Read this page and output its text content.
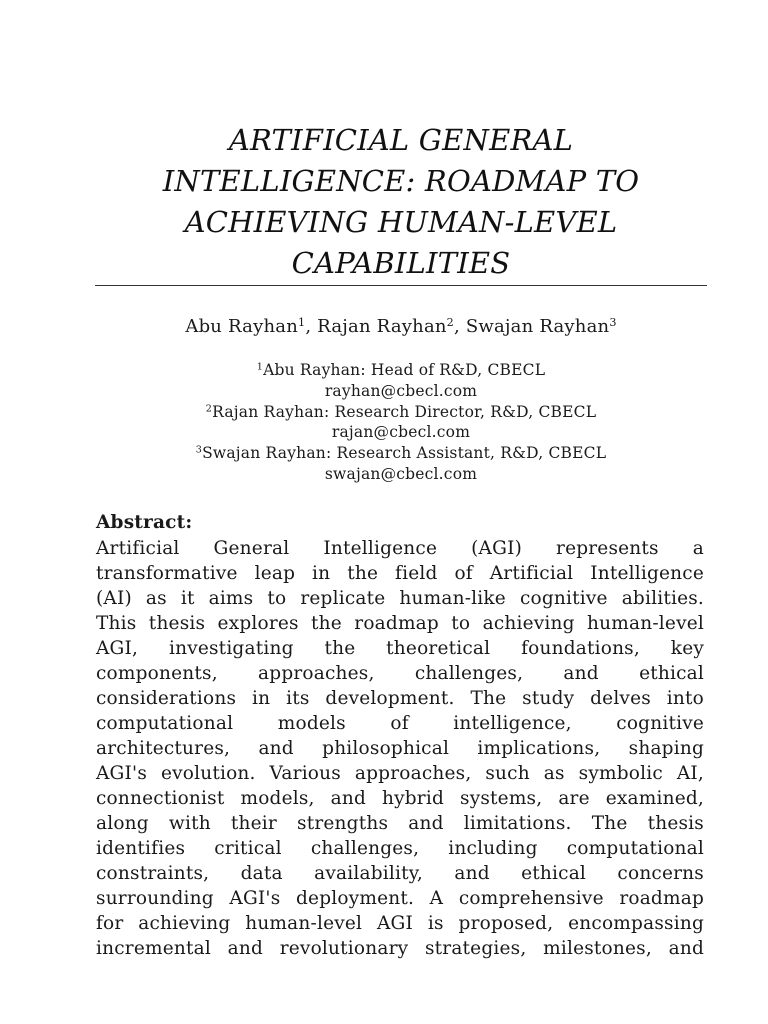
ARTIFICIAL GENERAL
INTELLIGENCE: ROADMAP TO
ACHIEVING HUMAN-LEVEL
CAPABILITIES
Abu Rayhan$^1$, Rajan Rayhan$^2$, Swajan Rayhan$^3$
$^1$Abu Rayhan: Head of R&D, CBECL
rayhan@cbecl.com
$^2$Rajan Rayhan: Research Director, R&D, CBECL
rajan@cbecl.com
$^3$Swajan Rayhan: Research Assistant, R&D, CBECL
swajan@cbecl.com
Abstract:
Artificial General Intelligence (AGI) represents a
transformative leap in the field of Artificial Intelligence
(AI) as it aims to replicate human-like cognitive abilities.
This thesis explores the roadmap to achieving human-level
AGI, investigating the theoretical foundations, key
components, approaches, challenges, and ethical
considerations in its development. The study delves into
computational models of intelligence, cognitive
architectures, and philosophical implications, shaping
AGI's evolution. Various approaches, such as symbolic AI,
connectionist models, and hybrid systems, are examined,
along with their strengths and limitations. The thesis
identifies critical challenges, including computational
constraints, data availability, and ethical concerns
surrounding AGI's deployment. A comprehensive roadmap
for achieving human-level AGI is proposed, encompassing
incremental and revolutionary strategies, milestones, and
